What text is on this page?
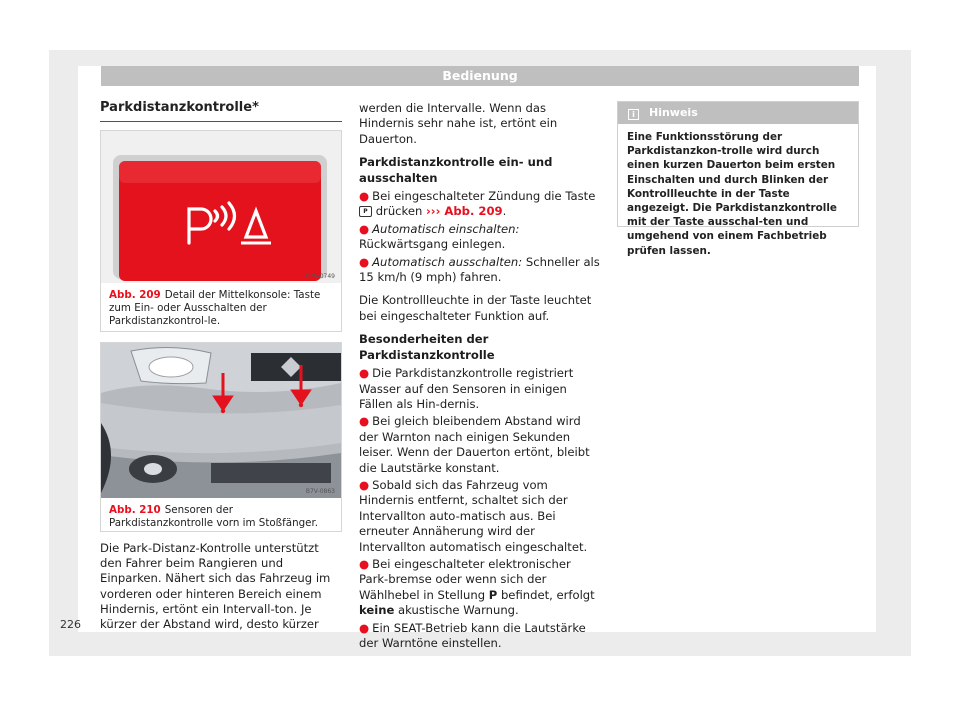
Bedienung
Parkdistanzkontrolle*
B7V-0749
Abb. 209 Detail der Mittelkonsole: Taste zum Ein- oder Ausschalten der Parkdistanzkontrol-le.
B7V-0863
Abb. 210 Sensoren der Parkdistanzkontrolle vorn im Stoßfänger.
Die Park-Distanz-Kontrolle unterstützt den Fahrer beim Rangieren und Einparken. Nähert sich das Fahrzeug im vorderen oder hinteren Bereich einem Hindernis, ertönt ein Intervall-ton. Je kürzer der Abstand wird, desto kürzer

werden die Intervalle. Wenn das Hindernis sehr nahe ist, ertönt ein Dauerton.

Parkdistanzkontrolle ein- und ausschalten
● Bei eingeschalteter Zündung die Taste P drücken ››› Abb. 209.
● Automatisch einschalten: Rückwärtsgang einlegen.
● Automatisch ausschalten: Schneller als 15 km/h (9 mph) fahren.

Die Kontrollleuchte in der Taste leuchtet bei eingeschalteter Funktion auf.

Besonderheiten der Parkdistanzkontrolle
● Die Parkdistanzkontrolle registriert Wasser auf den Sensoren in einigen Fällen als Hin-dernis.
● Bei gleich bleibendem Abstand wird der Warnton nach einigen Sekunden leiser. Wenn der Dauerton ertönt, bleibt die Lautstärke konstant.
● Sobald sich das Fahrzeug vom Hindernis entfernt, schaltet sich der Intervallton auto-matisch aus. Bei erneuter Annäherung wird der Intervallton automatisch eingeschaltet.
● Bei eingeschalteter elektronischer Park-bremse oder wenn sich der Wählhebel in Stellung P befindet, erfolgt keine akustische Warnung.
● Ein SEAT-Betrieb kann die Lautstärke der Warntöne einstellen.
i Hinweis
Eine Funktionsstörung der Parkdistanzkon-trolle wird durch einen kurzen Dauerton beim ersten Einschalten und durch Blinken der Kontrollleuchte in der Taste angezeigt. Die Parkdistanzkontrolle mit der Taste ausschal-ten und umgehend von einem Fachbetrieb prüfen lassen.
226
